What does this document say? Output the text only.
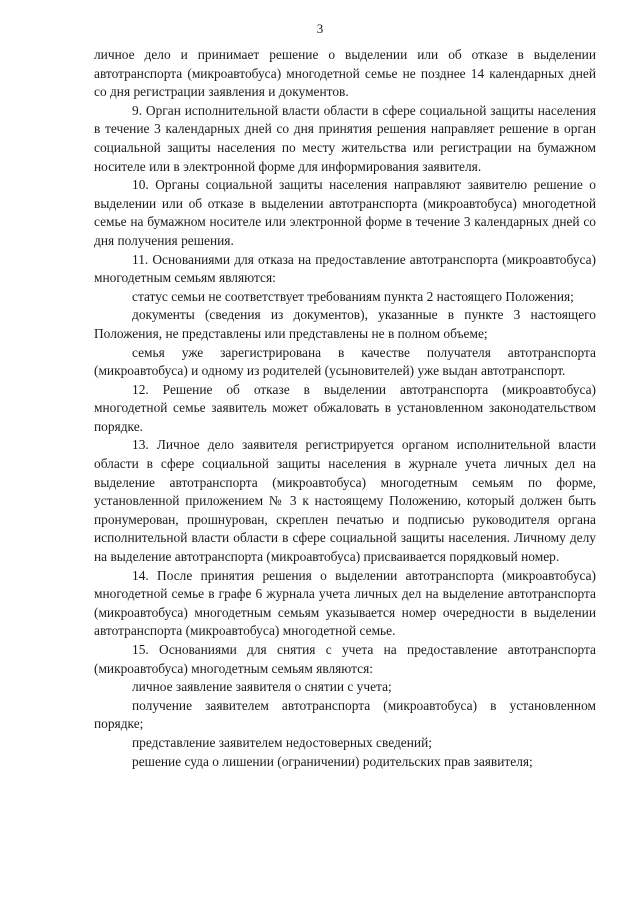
3

личное дело и принимает решение о выделении или об отказе в выделении автотранспорта (микроавтобуса) многодетной семье не позднее 14 календарных дней со дня регистрации заявления и документов.

9. Орган исполнительной власти области в сфере социальной защиты населения в течение 3 календарных дней со дня принятия решения направляет решение в орган социальной защиты населения по месту жительства или регистрации на бумажном носителе или в электронной форме для информирования заявителя.

10. Органы социальной защиты населения направляют заявителю решение о выделении или об отказе в выделении автотранспорта (микроавтобуса) многодетной семье на бумажном носителе или электронной форме в течение 3 календарных дней со дня получения решения.

11. Основаниями для отказа на предоставление автотранспорта (микроавтобуса) многодетным семьям являются:

статус семьи не соответствует требованиям пункта 2 настоящего Положения;

документы (сведения из документов), указанные в пункте 3 настоящего Положения, не представлены или представлены не в полном объеме;

семья уже зарегистрирована в качестве получателя автотранспорта (микроавтобуса) и одному из родителей (усыновителей) уже выдан автотранспорт.

12. Решение об отказе в выделении автотранспорта (микроавтобуса) многодетной семье заявитель может обжаловать в установленном законодательством порядке.

13. Личное дело заявителя регистрируется органом исполнительной власти области в сфере социальной защиты населения в журнале учета личных дел на выделение автотранспорта (микроавтобуса) многодетным семьям по форме, установленной приложением № 3 к настоящему Положению, который должен быть пронумерован, прошнурован, скреплен печатью и подписью руководителя органа исполнительной власти области в сфере социальной защиты населения. Личному делу на выделение автотранспорта (микроавтобуса) присваивается порядковый номер.

14. После принятия решения о выделении автотранспорта (микроавтобуса) многодетной семье в графе 6 журнала учета личных дел на выделение автотранспорта (микроавтобуса) многодетным семьям указывается номер очередности в выделении автотранспорта (микроавтобуса) многодетной семье.

15. Основаниями для снятия с учета на предоставление автотранспорта (микроавтобуса) многодетным семьям являются:

личное заявление заявителя о снятии с учета;

получение заявителем автотранспорта (микроавтобуса) в установленном порядке;

представление заявителем недостоверных сведений;

решение суда о лишении (ограничении) родительских прав заявителя;
